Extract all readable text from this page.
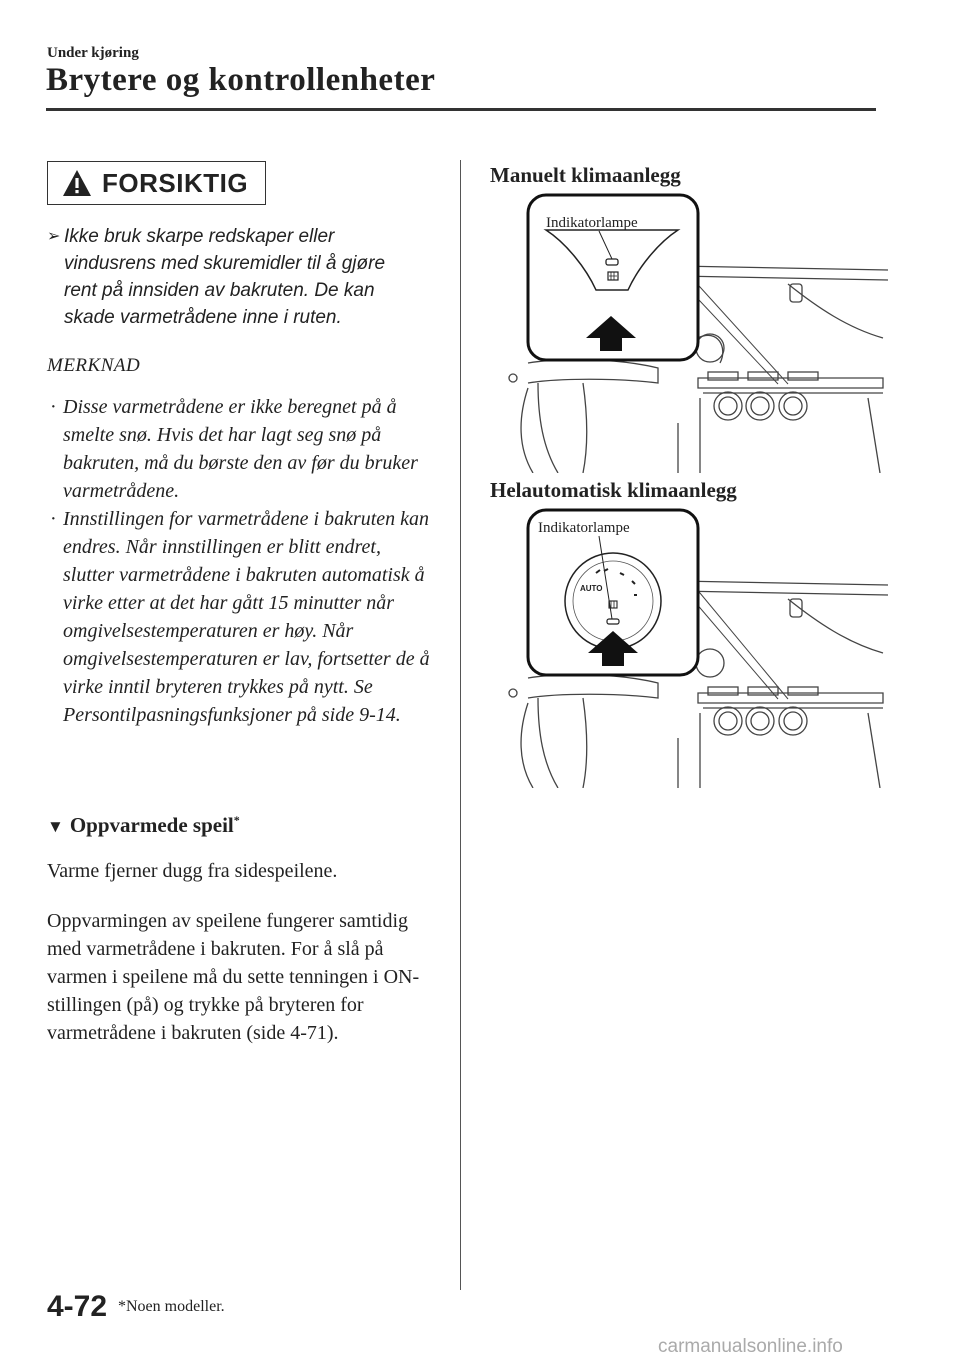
Under kjøring
Brytere og kontrollenheter
FORSIKTIG
➢ Ikke bruk skarpe redskaper eller vindusrens med skuremidler til å gjøre rent på innsiden av bakruten. De kan skade varmetrådene inne i ruten.
MERKNAD
· Disse varmetrådene er ikke beregnet på å smelte snø. Hvis det har lagt seg snø på bakruten, må du børste den av før du bruker varmetrådene.
· Innstillingen for varmetrådene i bakruten kan endres. Når innstillingen er blitt endret, slutter varmetrådene i bakruten automatisk å virke etter at det har gått 15 minutter når omgivelsestemperaturen er høy. Når omgivelsestemperaturen er lav, fortsetter de å virke inntil bryteren trykkes på nytt. Se Persontilpasningsfunksjoner på side 9-14.
▼ Oppvarmede speil*
Varme fjerner dugg fra sidespeilene.
Oppvarmingen av speilene fungerer samtidig med varmetrådene i bakruten. For å slå på varmen i speilene må du sette tenningen i ON-stillingen (på) og trykke på bryteren for varmetrådene i bakruten (side 4-71).
Manuelt klimaanlegg
Indikatorlampe
Helautomatisk klimaanlegg
AUTO
Indikatorlampe
4-72 *Noen modeller.
carmanualsonline.info
